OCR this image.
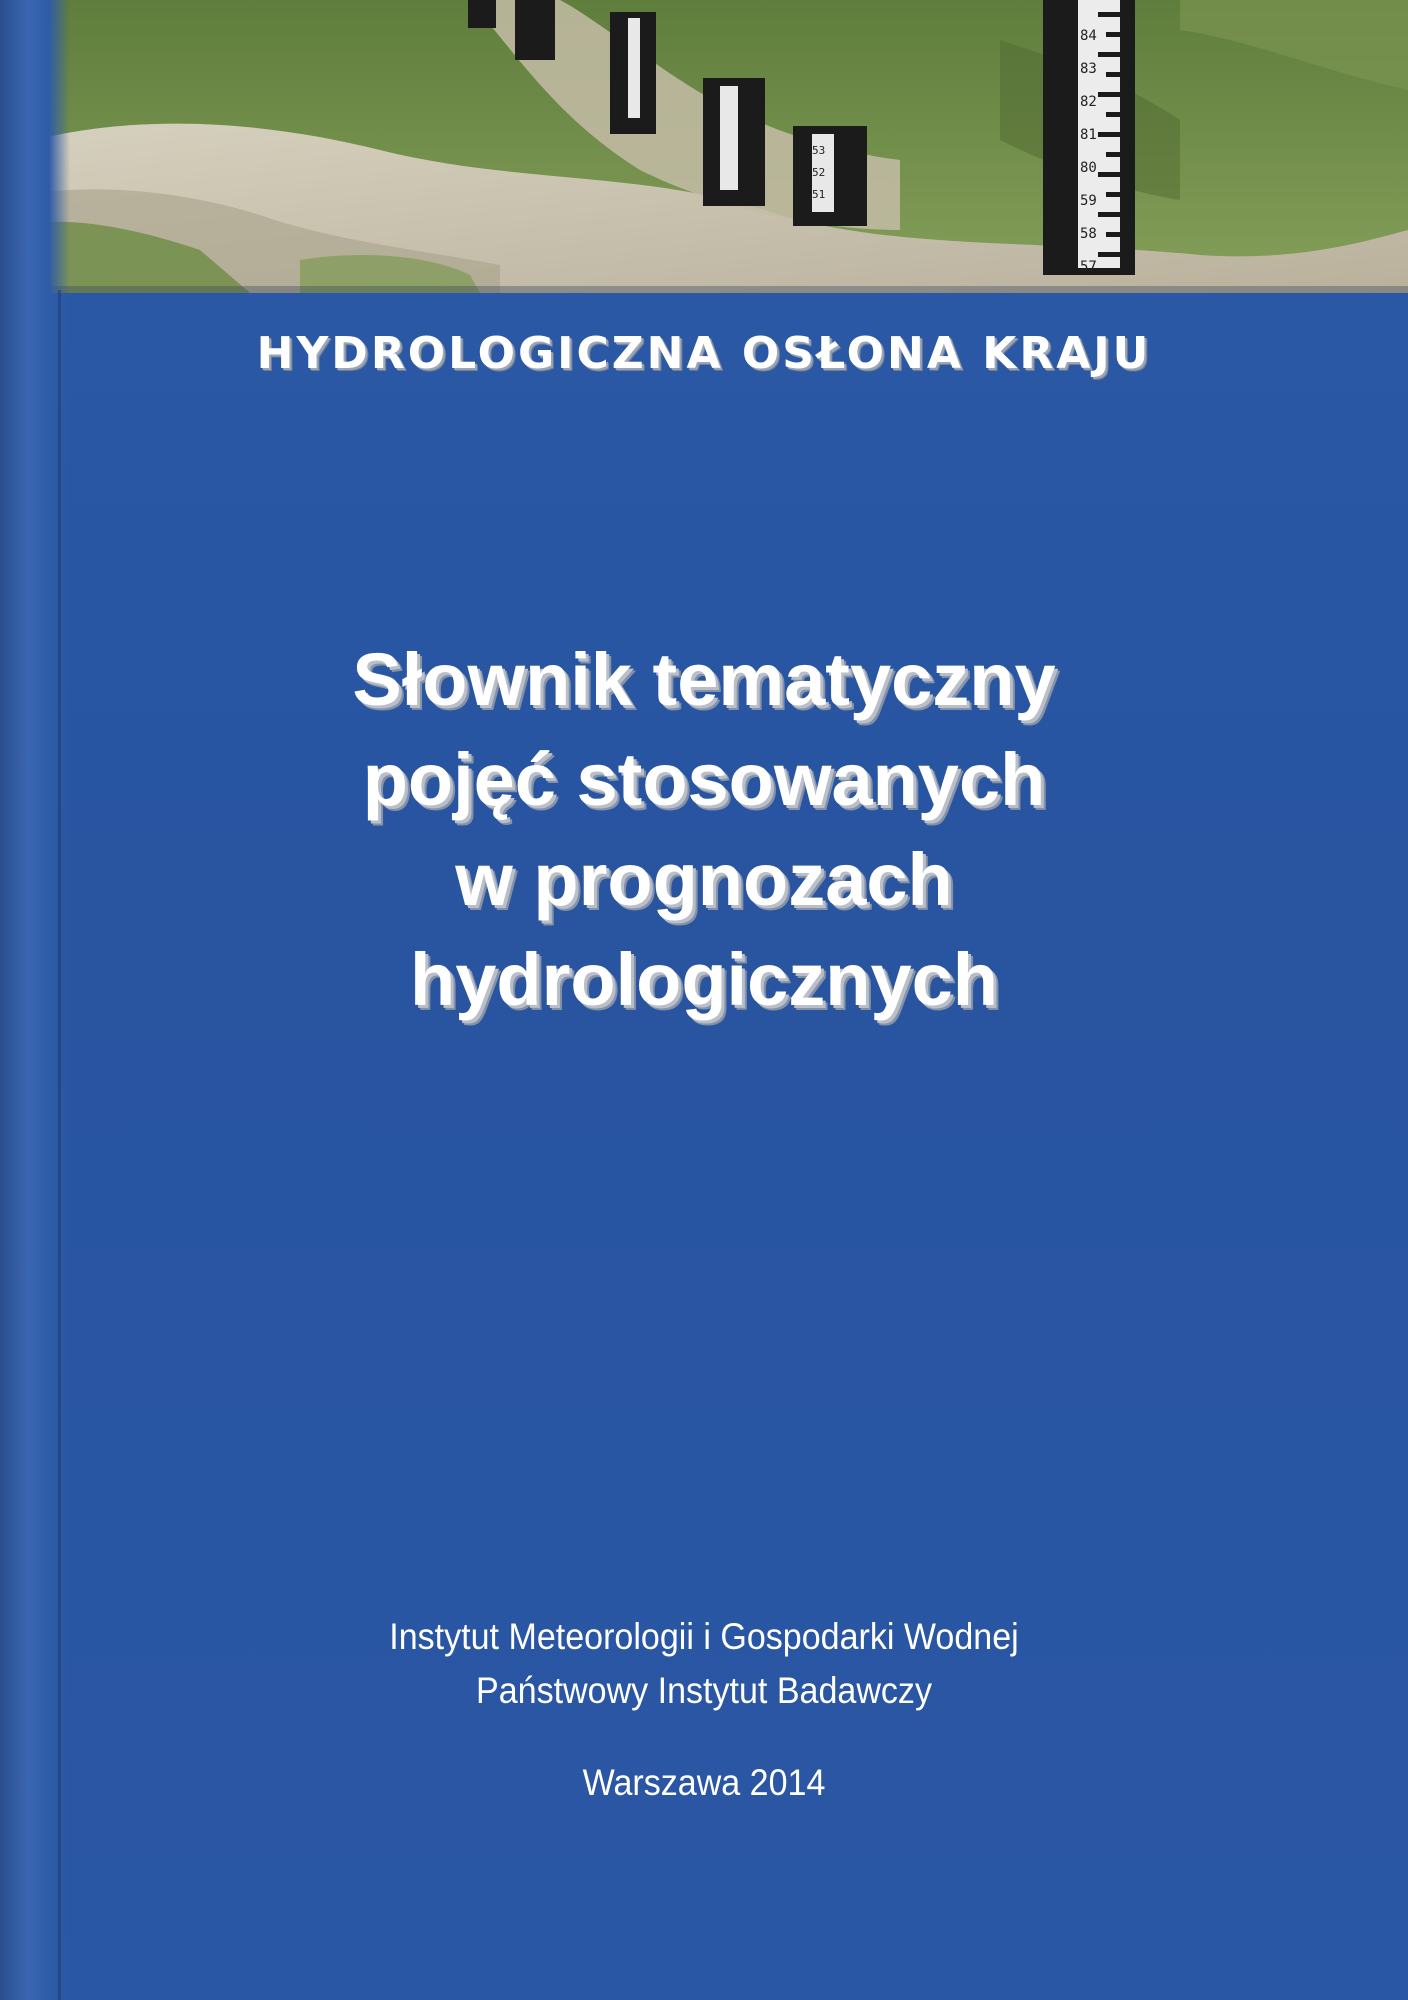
84
83
82
81
80
59
58
57
53
52
51
HYDROLOGICZNA OSŁONA KRAJU
Słownik tematyczny
pojęć stosowanych
w prognozach
hydrologicznych
Instytut Meteorologii i Gospodarki Wodnej
Państwowy Instytut Badawczy
Warszawa 2014
